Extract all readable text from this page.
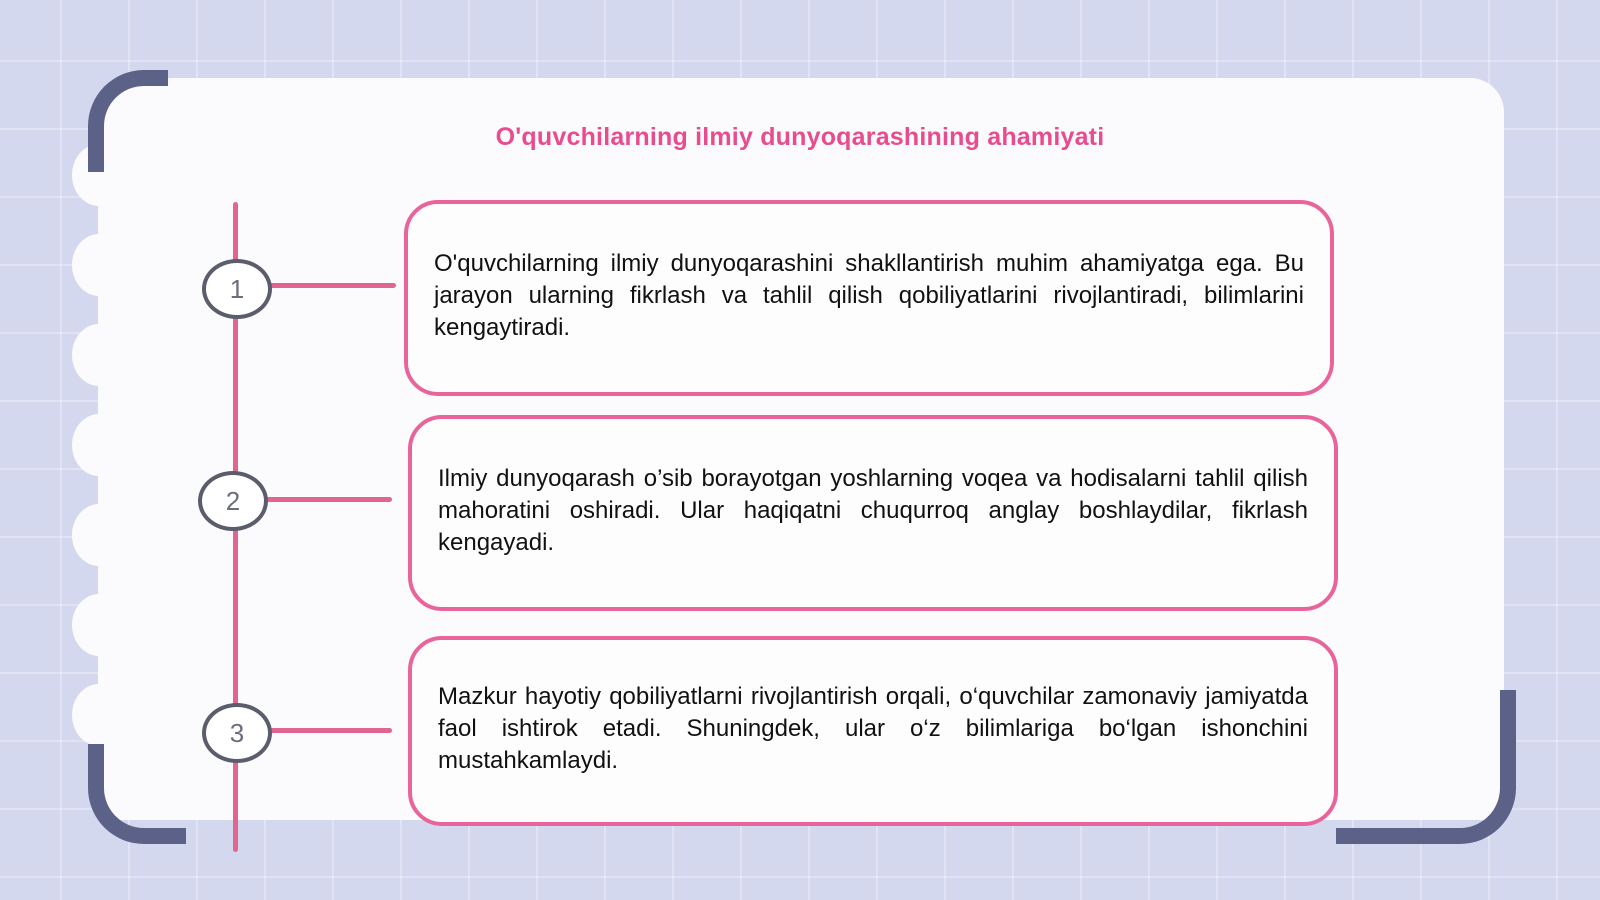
O'quvchilarning ilmiy dunyoqarashining ahamiyati
1
2
3

O'quvchilarning ilmiy dunyoqarashini shakllantirish muhim ahamiyatga ega. Bu jarayon ularning fikrlash va tahlil qilish qobiliyatlarini rivojlantiradi, bilimlarini kengaytiradi.

Ilmiy dunyoqarash o’sib borayotgan yoshlarning voqea va hodisalarni tahlil qilish mahoratini oshiradi. Ular haqiqatni chuqurroq anglay boshlaydilar, fikrlash kengayadi.

Mazkur hayotiy qobiliyatlarni rivojlantirish orqali, o‘quvchilar zamonaviy jamiyatda faol ishtirok etadi. Shuningdek, ular o‘z bilimlariga bo‘lgan ishonchini mustahkamlaydi.
